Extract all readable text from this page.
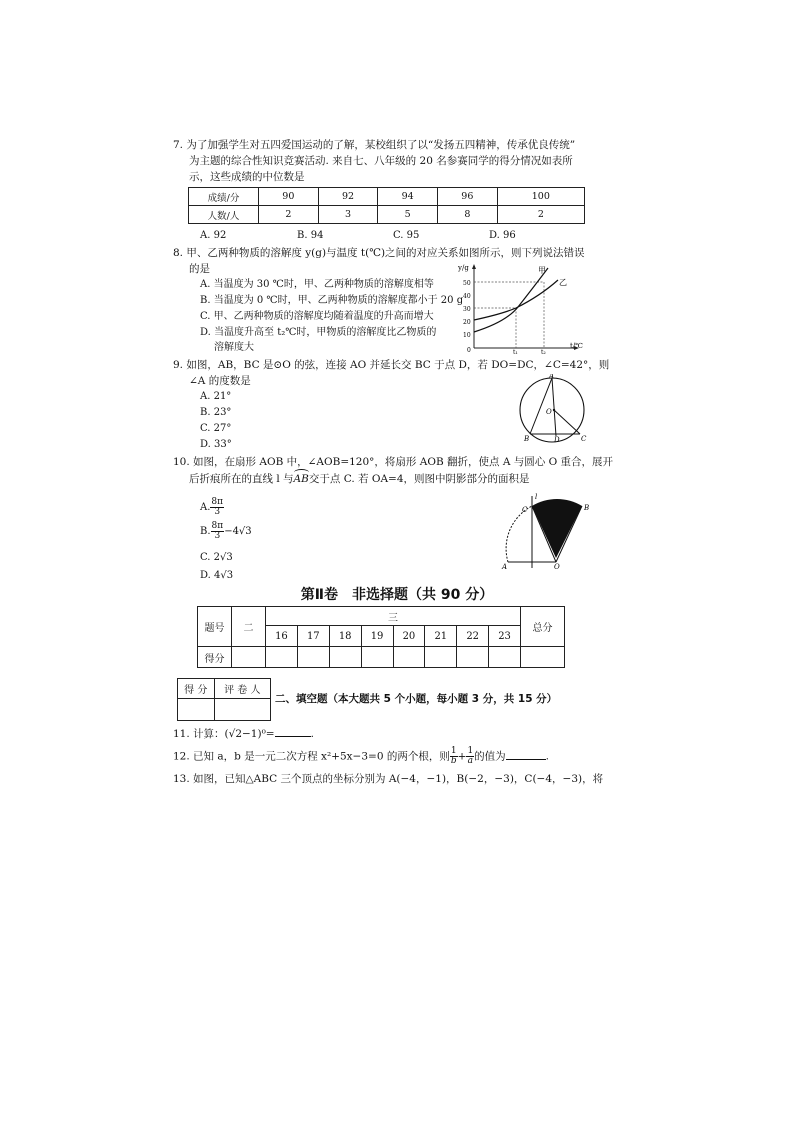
7. 为了加强学生对五四爱国运动的了解，某校组织了以“发扬五四精神，传承优良传统”
为主题的综合性知识竞赛活动. 来自七、八年级的 20 名参赛同学的得分情况如表所
示，这些成绩的中位数是
成绩/分	90	92	94	96	100
人数/人	2	3	5	8	2
A. 92	B. 94	C. 95	D. 96
8. 甲、乙两种物质的溶解度 y(g)与温度 t(℃)之间的对应关系如图所示，则下列说法错误
的是
A. 当温度为 30 ℃时，甲、乙两种物质的溶解度相等
B. 当温度为 0 ℃时，甲、乙两种物质的溶解度都小于 20 g
C. 甲、乙两种物质的溶解度均随着温度的升高而增大
D. 当温度升高至 t₂℃时，甲物质的溶解度比乙物质的
溶解度大
y/g
t/℃
0
50
40
30
20
10
甲
乙
t₁	t₂
9. 如图，AB，BC 是⊙O 的弦，连接 AO 并延长交 BC 于点 D，若 DO=DC，∠C=42°，则
∠A 的度数是
A. 21°
B. 23°
C. 27°
D. 33°
A
O
B	D	C
10. 如图，在扇形 AOB 中，∠AOB=120°，将扇形 AOB 翻折，使点 A 与圆心 O 重合，展开
后折痕所在的直线 l 与
AB交于点 C. 若 OA=4，则图中阴影部分的面积是
A. $\frac{8\pi}{3}$
B. $\frac{8\pi}{3} -4√3$
C. 2√3
D. 4√3
l
C	B
A	O
第Ⅱ卷　非选择题（共 90 分）
题号	二	三								总分
		16	17	18	19	20	21	22	23	
得分										
得 分	评 卷 人

二、填空题（本大题共 5 个小题，每小题 3 分，共 15 分）
11. 计算：(√2−1)⁰=	.
12. 已知 a，b 是一元二次方程 x²+5x−3=0 的两个根，则 $\frac{1}{b} + \frac{1}{a}$ 的值为	.
13. 如图，已知△ABC 三个顶点的坐标分别为 A(−4，−1)，B(−2，−3)，C(−4，−3)，将
